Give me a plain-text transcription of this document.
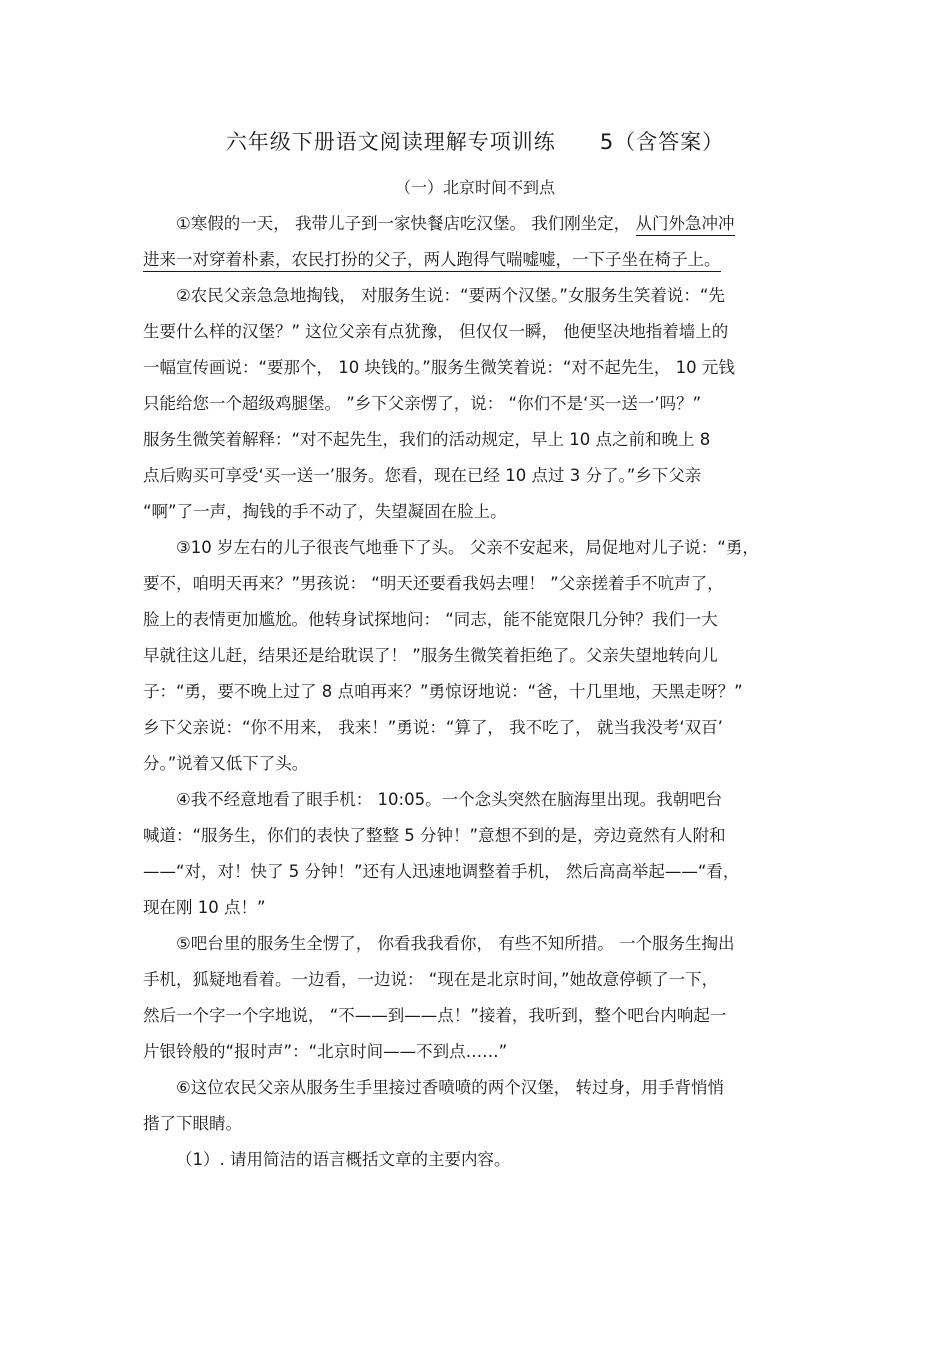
六年级下册语文阅读理解专项训练 5（含答案）
（一）北京时间不到点

①寒假的一天， 我带儿子到一家快餐店吃汉堡。 我们刚坐定， 从门外急冲冲
进来一对穿着朴素，农民打扮的父子，两人跑得气喘嘘嘘，一下子坐在椅子上。

②农民父亲急急地掏钱， 对服务生说：“要两个汉堡。”女服务生笑着说：“先
生要什么样的汉堡？” 这位父亲有点犹豫， 但仅仅一瞬， 他便坚决地指着墙上的
一幅宣传画说：“要那个， 10 块钱的。”服务生微笑着说：“对不起先生， 10 元钱
只能给您一个超级鸡腿堡。 ”乡下父亲愣了，说： “你们不是‘买一送一’吗？”
服务生微笑着解释：“对不起先生，我们的活动规定，早上 10 点之前和晚上 8
点后购买可享受‘买一送一’服务。您看，现在已经 10 点过 3 分了。”乡下父亲
“啊”了一声，掏钱的手不动了，失望凝固在脸上。

③10 岁左右的儿子很丧气地垂下了头。 父亲不安起来，局促地对儿子说：“勇，
要不，咱明天再来？”男孩说： “明天还要看我妈去哩！ ”父亲搓着手不吭声了，
脸上的表情更加尴尬。他转身试探地问： “同志，能不能宽限几分钟？我们一大
早就往这儿赶，结果还是给耽误了！ ”服务生微笑着拒绝了。父亲失望地转向儿
子：“勇，要不晚上过了 8 点咱再来？”勇惊讶地说：“爸，十几里地，天黑走呀？”
乡下父亲说：“你不用来， 我来！”勇说：“算了， 我不吃了， 就当我没考‘双百’
分。”说着又低下了头。

④我不经意地看了眼手机： 10:05。一个念头突然在脑海里出现。我朝吧台
喊道：“服务生，你们的表快了整整 5 分钟！”意想不到的是，旁边竟然有人附和
——“对，对！快了 5 分钟！”还有人迅速地调整着手机， 然后高高举起——“看，
现在刚 10 点！”

⑤吧台里的服务生全愣了， 你看我我看你， 有些不知所措。 一个服务生掏出
手机，狐疑地看着。一边看，一边说： “现在是北京时间，”她故意停顿了一下，
然后一个字一个字地说， “不——到——点！”接着，我听到，整个吧台内响起一
片银铃般的“报时声”：“北京时间——不到点……”

⑥这位农民父亲从服务生手里接过香喷喷的两个汉堡， 转过身，用手背悄悄
揩了下眼睛。

（1）. 请用简洁的语言概括文章的主要内容。
